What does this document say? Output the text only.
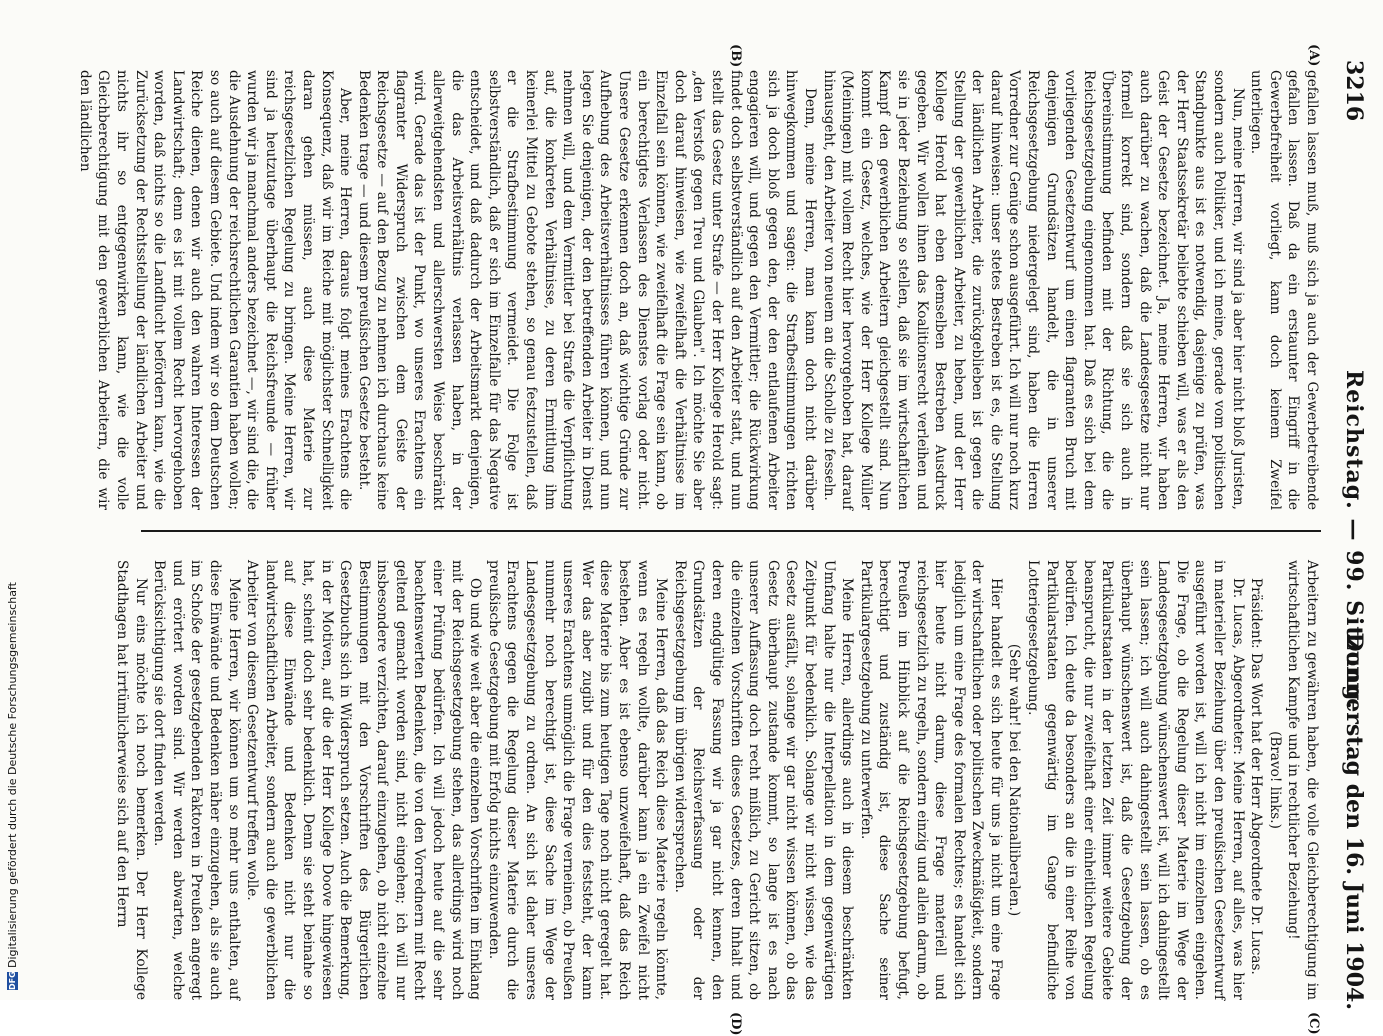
3216
Reichstag. — 99. Sitzung.
Donnerstag den 16. Juni 1904.
(A)
(B)
(C)
(D)

gefallen lassen muß, muß sich ja auch der Gewerbetreibende gefallen lassen. Daß da ein erstaunter Eingriff in die Gewerbefreiheit vorliegt, kann doch keinem Zweifel unterliegen.

Nun, meine Herren, wir sind ja aber hier nicht bloß Juristen, sondern auch Politiker, und ich meine, gerade vom politischen Standpunkte aus ist es notwendig, dasjenige zu prüfen, was der Herr Staatssekretär beliebte schieben will, was er als den Geist der Gesetze bezeichnet. Ja, meine Herren, wir haben auch darüber zu wachen, daß die Landesgesetze nicht nur formell korrekt sind, sondern daß sie sich auch in Übereinstimmung befinden mit der Richtung, die die Reichsgesetzgebung eingenommen hat. Daß es sich bei dem vorliegenden Gesetzentwurf um einen flagranten Bruch mit denjenigen Grundsätzen handelt, die in unserer Reichsgesetzgebung niedergelegt sind, haben die Herren Vorredner zur Genüge schon ausgeführt. Ich will nur noch kurz darauf hinweisen: unser stetes Bestreben ist es, die Stellung der ländlichen Arbeiter, die zurückgeblieben ist gegen die Stellung der gewerblichen Arbeiter, zu heben, und der Herr Kollege Herold hat eben demselben Bestreben Ausdruck gegeben. Wir wollen ihnen das Koalitionsrecht verleihen und sie in jeder Beziehung so stellen, daß sie im wirtschaftlichen Kampf den gewerblichen Arbeitern gleichgestellt sind. Nun kommt ein Gesetz, welches, wie der Herr Kollege Müller (Meiningen) mit vollem Recht hier hervorgehoben hat, darauf hinausgeht, den Arbeiter von neuem an die Scholle zu fesseln.

Denn, meine Herren, man kann doch nicht darüber hinwegkommen und sagen: die Strafbestimmungen richten sich ja doch bloß gegen den, der den entlaufenen Arbeiter engagieren will, und gegen den Vermittler; die Rückwirkung findet doch selbstverständlich auf den Arbeiter statt, und nun stellt das Gesetz unter Strafe — der Herr Kollege Herold sagt: „den Verstoß gegen Treu und Glauben". Ich möchte Sie aber doch darauf hinweisen, wie zweifelhaft die Verhältnisse im Einzelfall sein können, wie zweifelhaft die Frage sein kann, ob ein berechtigtes Verlassen des Dienstes vorlag oder nicht. Unsere Gesetze erkennen doch an, daß wichtige Gründe zur Aufhebung des Arbeitsverhältnisses führen können, und nun legen Sie denjenigen, der den betreffenden Arbeiter in Dienst nehmen will, und dem Vermittler bei Strafe die Verpflichtung auf, die konkreten Verhältnisse, zu deren Ermittlung ihm keinerlei Mittel zu Gebote stehen, so genau festzustellen, daß er die Strafbestimmung vermeidet. Die Folge ist selbstverständlich, daß er sich im Einzelfalle für das Negative entscheidet, und daß dadurch der Arbeitsmarkt denjenigen, die das Arbeitsverhältnis verlassen haben, in der allerweitgehendsten und allerschwersten Weise beschränkt wird. Gerade das ist der Punkt, wo unseres Erachtens ein flagranter Widerspruch zwischen dem Geiste der Reichsgesetze — auf den Bezug zu nehmen ich durchaus keine Bedenken trage — und diesem preußischen Gesetze besteht.

Aber, meine Herren, daraus folgt meines Erachtens die Konsequenz, daß wir im Reiche mit möglichster Schnelligkeit daran gehen müssen, auch diese Materie zur reichsgesetzlichen Regelung zu bringen. Meine Herren, wir sind ja heutzutage überhaupt die Reichsfreunde — früher wurden wir ja manchmal anders bezeichnet —, wir sind die, die die Ausdehnung der reichsrechtlichen Garantien haben wollen; so auch auf diesem Gebiete. Und indem wir so dem Deutschen Reiche dienen, denen wir auch den wahren Interessen der Landwirtschaft; denn es ist mit vollem Recht hervorgehoben worden, daß nichts so die Landflucht befördern kann, wie die Zurücksetzung der Rechtsstellung der ländlichen Arbeiter und nichts ihr so entgegenwirken kann, wie die volle Gleichberechtigung mit den gewerblichen Arbeitern, die wir den ländlichen

Arbeitern zu gewähren haben, die volle Gleichberechtigung im wirtschaftlichen Kampfe und in rechtlicher Beziehung!

(Bravo! links.)

Präsident: Das Wort hat der Herr Abgeordnete Dr. Lucas.

Dr. Lucas, Abgeordneter: Meine Herren, auf alles, was hier in materieller Beziehung über den preußischen Gesetzentwurf ausgeführt worden ist, will ich nicht im einzelnen eingehen. Die Frage, ob die Regelung dieser Materie im Wege der Landesgesetzgebung wünschenswert ist, will ich dahingestellt sein lassen; ich will auch dahingestellt sein lassen, ob es überhaupt wünschenswert ist, daß die Gesetzgebung der Partikularstaaten in der letzten Zeit immer weitere Gebiete beansprucht, die nur zweifelhaft einer einheitlichen Regelung bedürfen. Ich deute da besonders an die in einer Reihe von Partikularstaaten gegenwärtig im Gange befindliche Lotteriegesetzgebung.

(Sehr wahr! bei den Nationalliberalen.)

Hier handelt es sich heute für uns ja nicht um eine Frage der wirtschaftlichen oder politischen Zweckmäßigkeit, sondern lediglich um eine Frage des formalen Rechtes; es handelt sich hier heute nicht darum, diese Frage materiell und reichsgesetzlich zu regeln, sondern einzig und allein darum, ob Preußen im Hinblick auf die Reichsgesetzgebung befugt, berechtigt und zuständig ist, diese Sache seiner Partikulargesetzgebung zu unterwerfen.

Meine Herren, allerdings auch in diesem beschränkten Umfang halte nur die Interpellation in dem gegenwärtigen Zeitpunkt für bedenklich. Solange wir nicht wissen, wie das Gesetz ausfällt, solange wir gar nicht wissen können, ob das Gesetz überhaupt zustande kommt, so lange ist es nach unserer Auffassung doch recht mißlich, zu Gericht sitzen, ob die einzelnen Vorschriften dieses Gesetzes, deren Inhalt und deren endgültige Fassung wir ja gar nicht kennen, den Grundsätzen der Reichsverfassung oder der Reichsgesetzgebung im übrigen widersprechen.

Meine Herren, daß das Reich diese Materie regeln könnte, wenn es regeln wollte, darüber kann ja ein Zweifel nicht bestehen. Aber es ist ebenso unzweifelhaft, daß das Reich diese Materie bis zum heutigen Tage noch nicht geregelt hat. Wer das aber zugibt und für den dies feststeht, der kann unseres Erachtens unmöglich die Frage verneinen, ob Preußen nunmehr noch berechtigt ist, diese Sache im Wege der Landesgesetzgebung zu ordnen. An sich ist daher unseres Erachtens gegen die Regelung dieser Materie durch die preußische Gesetzgebung mit Erfolg nichts einzuwenden.

Ob und wie weit aber die einzelnen Vorschriften im Einklang mit der Reichsgesetzgebung stehen, das allerdings wird noch einer Prüfung bedürfen. Ich will jedoch heute auf die sehr beachtenswerten Bedenken, die von den Vorrednern mit Recht geltend gemacht worden sind, nicht eingehen; ich will nur insbesondere verzichten, darauf einzugehen, ob nicht einzelne Bestimmungen mit den Vorschriften des Bürgerlichen Gesetzbuchs sich in Widerspruch setzen. Auch die Bemerkung, in der Motiven, auf die der Herr Kollege Doove hingewiesen hat, scheint doch sehr bedenklich. Denn sie steht beinahe so auf diese Einwände und Bedenken nicht nur die landwirtschaftlichen Arbeiter, sondern auch die gewerblichen Arbeiter von diesem Gesetzentwurf treffen wolle.

Meine Herren, wir können um so mehr uns enthalten, auf diese Einwände und Bedenken näher einzugehen, als sie auch im Schoße der gesetzgebenden Faktoren in Preußen angeregt und erörtert worden sind. Wir werden abwarten, welche Berücksichtigung sie dort finden werden.

Nur eins möchte ich noch bemerken. Der Herr Kollege Stadthagen hat irrtümlicherweise sich auf den Herrn

DFG
Digitalisierung gefördert durch die Deutsche Forschungsgemeinschaft
